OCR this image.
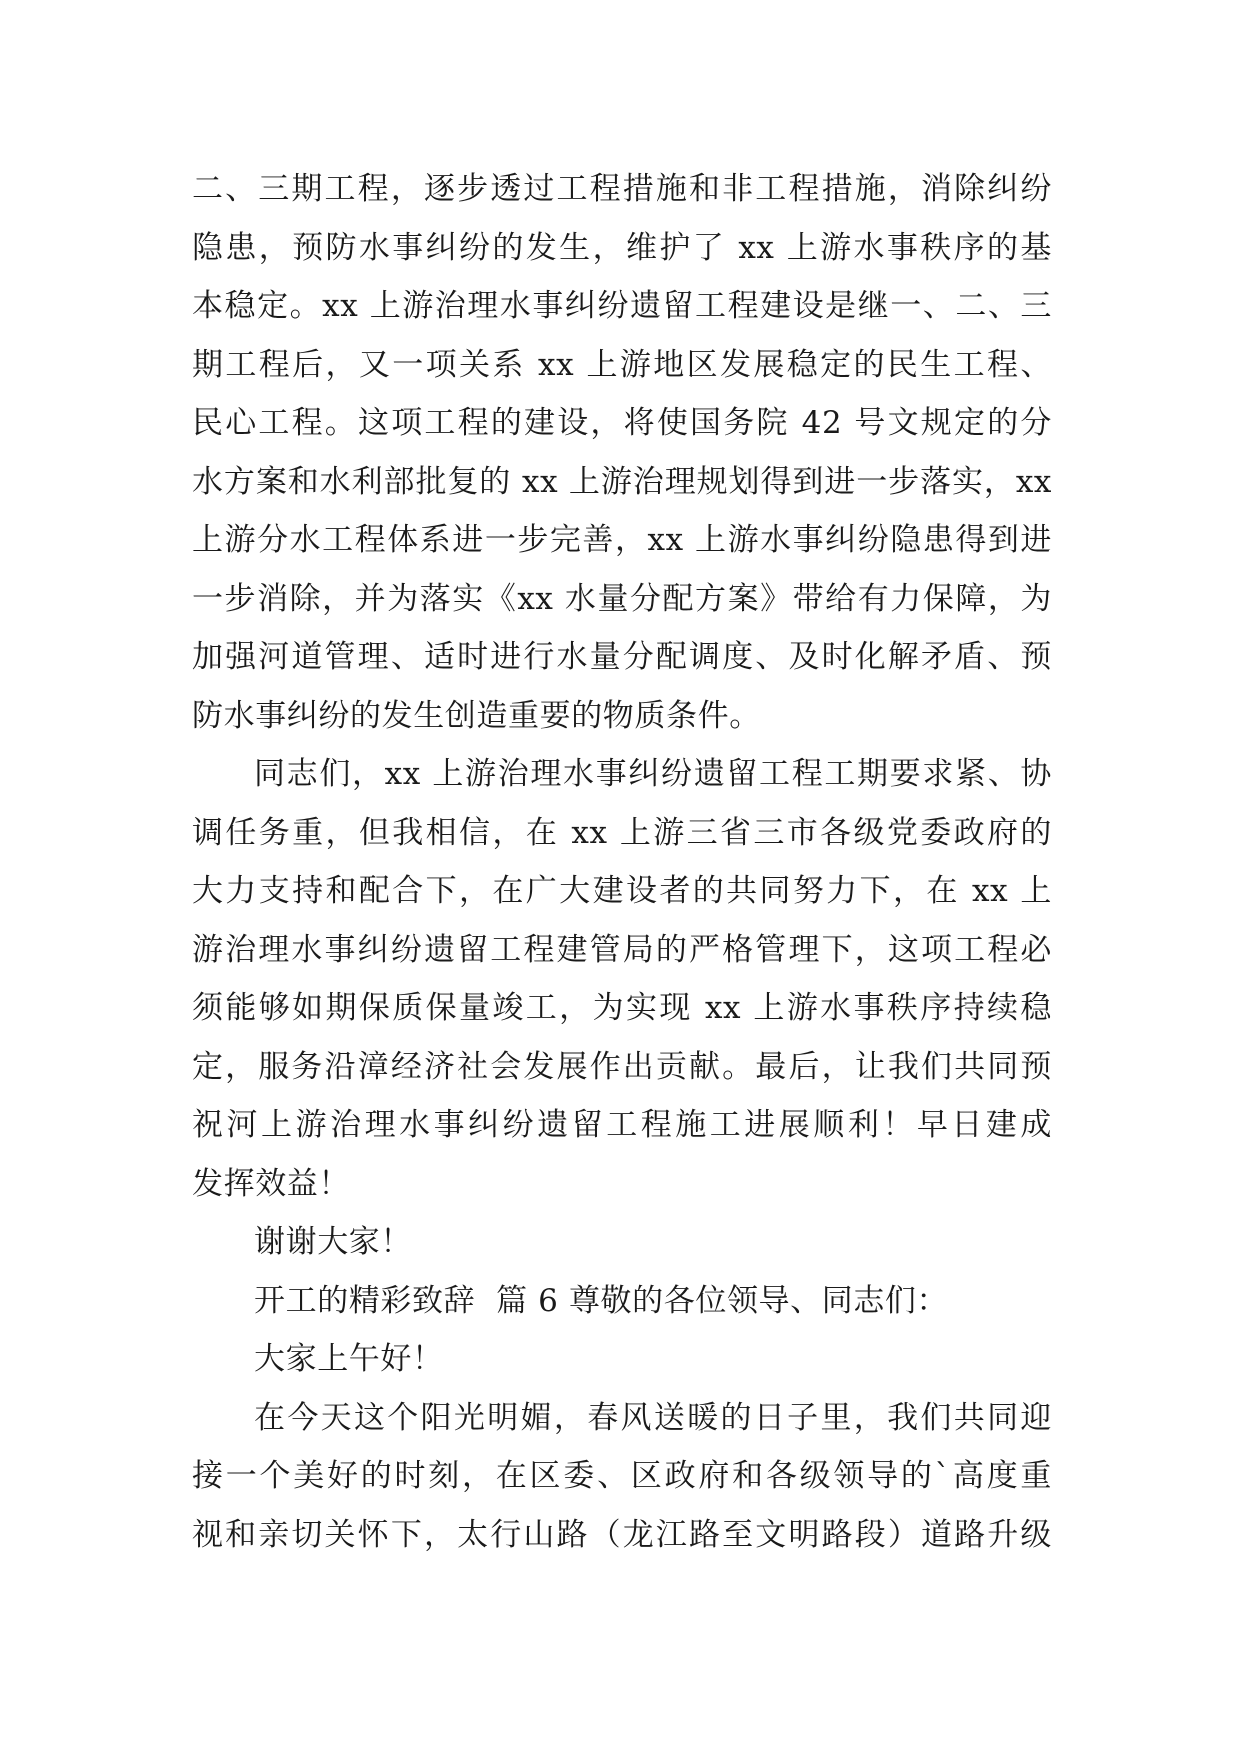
二、三期工程，逐步透过工程措施和非工程措施，消除纠纷
隐患，预防水事纠纷的发生，维护了 xx 上游水事秩序的基
本稳定。xx 上游治理水事纠纷遗留工程建设是继一、二、三
期工程后，又一项关系 xx 上游地区发展稳定的民生工程、
民心工程。这项工程的建设，将使国务院 42 号文规定的分
水方案和水利部批复的 xx 上游治理规划得到进一步落实，xx
上游分水工程体系进一步完善，xx 上游水事纠纷隐患得到进
一步消除，并为落实《xx 水量分配方案》带给有力保障，为
加强河道管理、适时进行水量分配调度、及时化解矛盾、预
防水事纠纷的发生创造重要的物质条件。
同志们，xx 上游治理水事纠纷遗留工程工期要求紧、协
调任务重，但我相信，在 xx 上游三省三市各级党委政府的
大力支持和配合下，在广大建设者的共同努力下，在 xx 上
游治理水事纠纷遗留工程建管局的严格管理下，这项工程必
须能够如期保质保量竣工，为实现 xx 上游水事秩序持续稳
定，服务沿漳经济社会发展作出贡献。最后，让我们共同预
祝河上游治理水事纠纷遗留工程施工进展顺利！早日建成
发挥效益！
谢谢大家！
开工的精彩致辞  篇 6 尊敬的各位领导、同志们：
大家上午好！
在今天这个阳光明媚，春风送暖的日子里，我们共同迎
接一个美好的时刻，在区委、区政府和各级领导的`高度重
视和亲切关怀下，太行山路（龙江路至文明路段）道路升级
